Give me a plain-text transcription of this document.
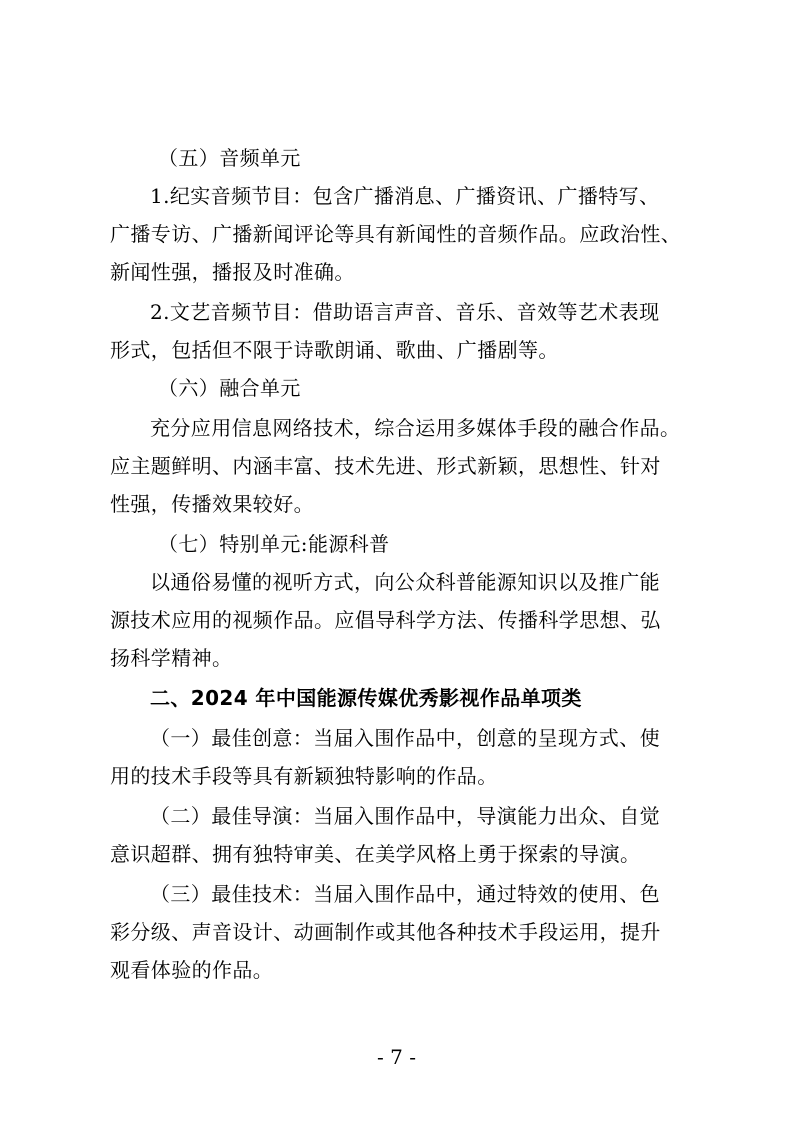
（五）音频单元
1.纪实音频节目：包含广播消息、广播资讯、广播特写、
广播专访、广播新闻评论等具有新闻性的音频作品。应政治性、
新闻性强，播报及时准确。
2.文艺音频节目：借助语言声音、音乐、音效等艺术表现
形式，包括但不限于诗歌朗诵、歌曲、广播剧等。
（六）融合单元
充分应用信息网络技术，综合运用多媒体手段的融合作品。
应主题鲜明、内涵丰富、技术先进、形式新颖，思想性、针对
性强，传播效果较好。
（七）特别单元:能源科普
以通俗易懂的视听方式，向公众科普能源知识以及推广能
源技术应用的视频作品。应倡导科学方法、传播科学思想、弘
扬科学精神。
二、2024 年中国能源传媒优秀影视作品单项类
（一）最佳创意：当届入围作品中，创意的呈现方式、使
用的技术手段等具有新颖独特影响的作品。
（二）最佳导演：当届入围作品中，导演能力出众、自觉
意识超群、拥有独特审美、在美学风格上勇于探索的导演。
（三）最佳技术：当届入围作品中，通过特效的使用、色
彩分级、声音设计、动画制作或其他各种技术手段运用，提升
观看体验的作品。
- 7 -
